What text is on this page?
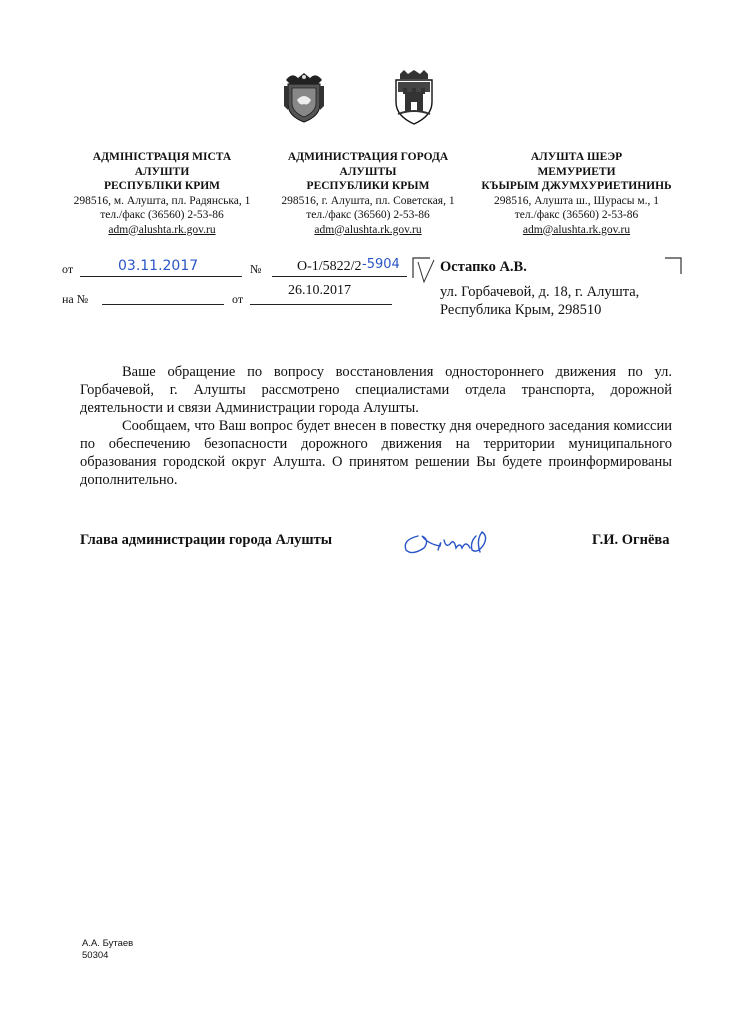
АДМІНІСТРАЦІЯ МІСТА
АЛУШТИ
РЕСПУБЛІКИ КРИМ
298516, м. Алушта, пл. Радянська, 1
тел./факс (36560) 2-53-86
adm@alushta.rk.gov.ru
АДМИНИСТРАЦИЯ ГОРОДА
АЛУШТЫ
РЕСПУБЛИКИ КРЫМ
298516, г. Алушта, пл. Советская, 1
тел./факс (36560) 2-53-86
adm@alushta.rk.gov.ru
АЛУШТА ШЕЭР
МЕМУРИЕТИ
КЪЫРЫМ ДЖУМХУРИЕТИНИНЬ
298516, Алушта ш., Шурасы м., 1
тел./факс (36560) 2-53-86
adm@alushta.rk.gov.ru
от	03.11.2017	№	О-1/5822/2 -5904
на №	от
26.10.2017
Остапко А.В.
ул. Горбачевой, д. 18, г. Алушта,
Республика Крым, 298510

Ваше обращение по вопросу восстановления одностороннего движения по ул. Горбачевой, г. Алушты рассмотрено специалистами отдела транспорта, дорожной деятельности и связи Администрации города Алушты.

Сообщаем, что Ваш вопрос будет внесен в повестку дня очередного заседания комиссии по обеспечению безопасности дорожного движения на территории муниципального образования городской округ Алушта. О принятом решении Вы будете проинформированы дополнительно.

Глава администрации города Алушты	Г.И. Огнёва
А.А. Бутаев
50304
